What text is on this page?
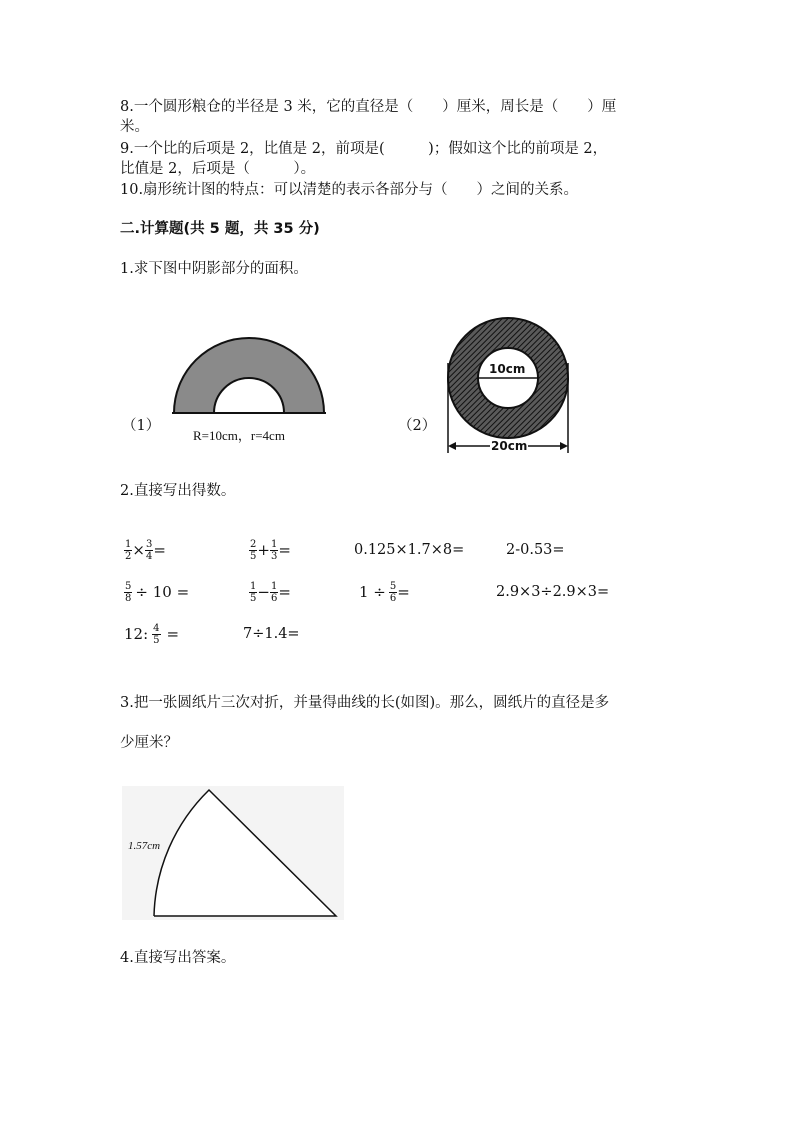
8.一个圆形粮仓的半径是 3 米，它的直径是（　　）厘米，周长是（　　）厘
米。
9.一个比的后项是 2，比值是 2，前项是(　　　)；假如这个比的前项是 2，
比值是 2，后项是（　　　）。
10.扇形统计图的特点：可以清楚的表示各部分与（　　）之间的关系。
二.计算题(共 5 题，共 35 分)
1.求下图中阴影部分的面积。
（1）
R=10cm，r=4cm
（2）
10cm
20cm
2.直接写出得数。
$\frac{1}{2} \times \frac{3}{4}$ =	$\frac{2}{5} + \frac{1}{3}$ =	0.125×1.7×8=	2-0.53=
$\frac{5}{8} \div 10$ =	$\frac{1}{5} - \frac{1}{6}$ =	$1 \div \frac{5}{6}$ =	2.9×3÷2.9×3=
12: $\frac{4}{5}$ =	7÷1.4=
3.把一张圆纸片三次对折，并量得曲线的长(如图)。那么，圆纸片的直径是多
少厘米？
1.57cm
4.直接写出答案。
